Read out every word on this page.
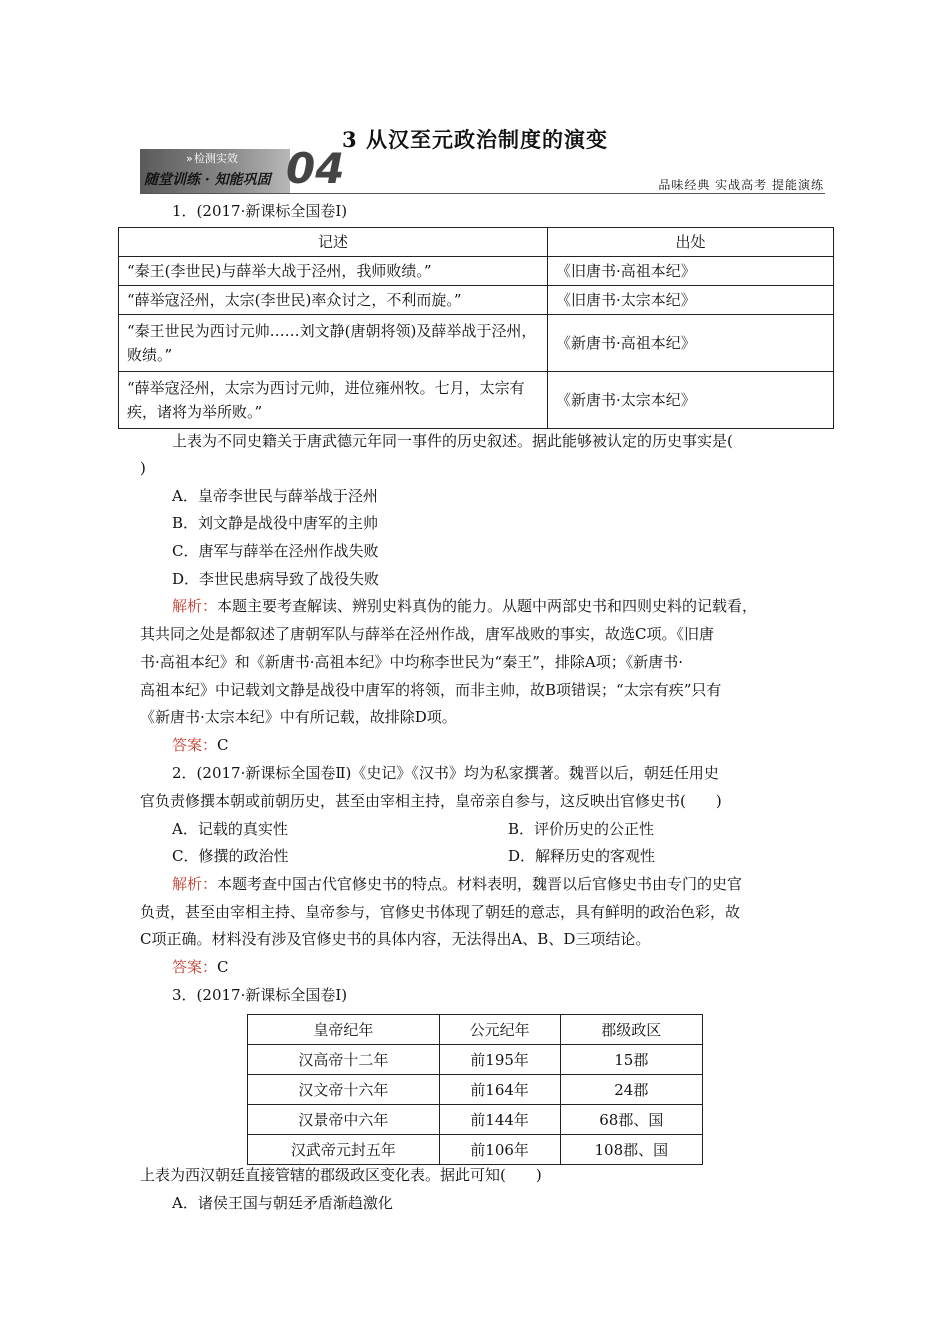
3 从汉至元政治制度的演变
» 检测实效
随堂训练 · 知能巩固 04	品味经典 实战高考 提能演练
1．(2017·新课标全国卷Ⅰ)
记述	出处
“秦王(李世民)与薛举大战于泾州，我师败绩。”	《旧唐书·高祖本纪》
“薛举寇泾州，太宗(李世民)率众讨之，不利而旋。”	《旧唐书·太宗本纪》
“秦王世民为西讨元帅……刘文静(唐朝将领)及薛举战于泾州，败绩。”	《新唐书·高祖本纪》
“薛举寇泾州，太宗为西讨元帅，进位雍州牧。七月，太宗有疾，诸将为举所败。”	《新唐书·太宗本纪》
上表为不同史籍关于唐武德元年同一事件的历史叙述。据此能够被认定的历史事实是(
)
A．皇帝李世民与薛举战于泾州
B．刘文静是战役中唐军的主帅
C．唐军与薛举在泾州作战失败
D．李世民患病导致了战役失败
解析：本题主要考查解读、辨别史料真伪的能力。从题中两部史书和四则史料的记载看，
其共同之处是都叙述了唐朝军队与薛举在泾州作战，唐军战败的事实，故选C项。《旧唐
书·高祖本纪》和《新唐书·高祖本纪》中均称李世民为“秦王”，排除A项；《新唐书·
高祖本纪》中记载刘文静是战役中唐军的将领，而非主帅，故B项错误；“太宗有疾”只有
《新唐书·太宗本纪》中有所记载，故排除D项。
答案：C
2．(2017·新课标全国卷Ⅱ)《史记》《汉书》均为私家撰著。魏晋以后，朝廷任用史
官负责修撰本朝或前朝历史，甚至由宰相主持，皇帝亲自参与，这反映出官修史书(　　)
A．记载的真实性	B．评价历史的公正性
C．修撰的政治性	D．解释历史的客观性
解析：本题考查中国古代官修史书的特点。材料表明，魏晋以后官修史书由专门的史官
负责，甚至由宰相主持、皇帝参与，官修史书体现了朝廷的意志，具有鲜明的政治色彩，故
C项正确。材料没有涉及官修史书的具体内容，无法得出A、B、D三项结论。
答案：C
3．(2017·新课标全国卷Ⅰ)
皇帝纪年	公元纪年	郡级政区
汉高帝十二年	前195年	15郡
汉文帝十六年	前164年	24郡
汉景帝中六年	前144年	68郡、国
汉武帝元封五年	前106年	108郡、国
上表为西汉朝廷直接管辖的郡级政区变化表。据此可知(　　)
A．诸侯王国与朝廷矛盾渐趋激化
